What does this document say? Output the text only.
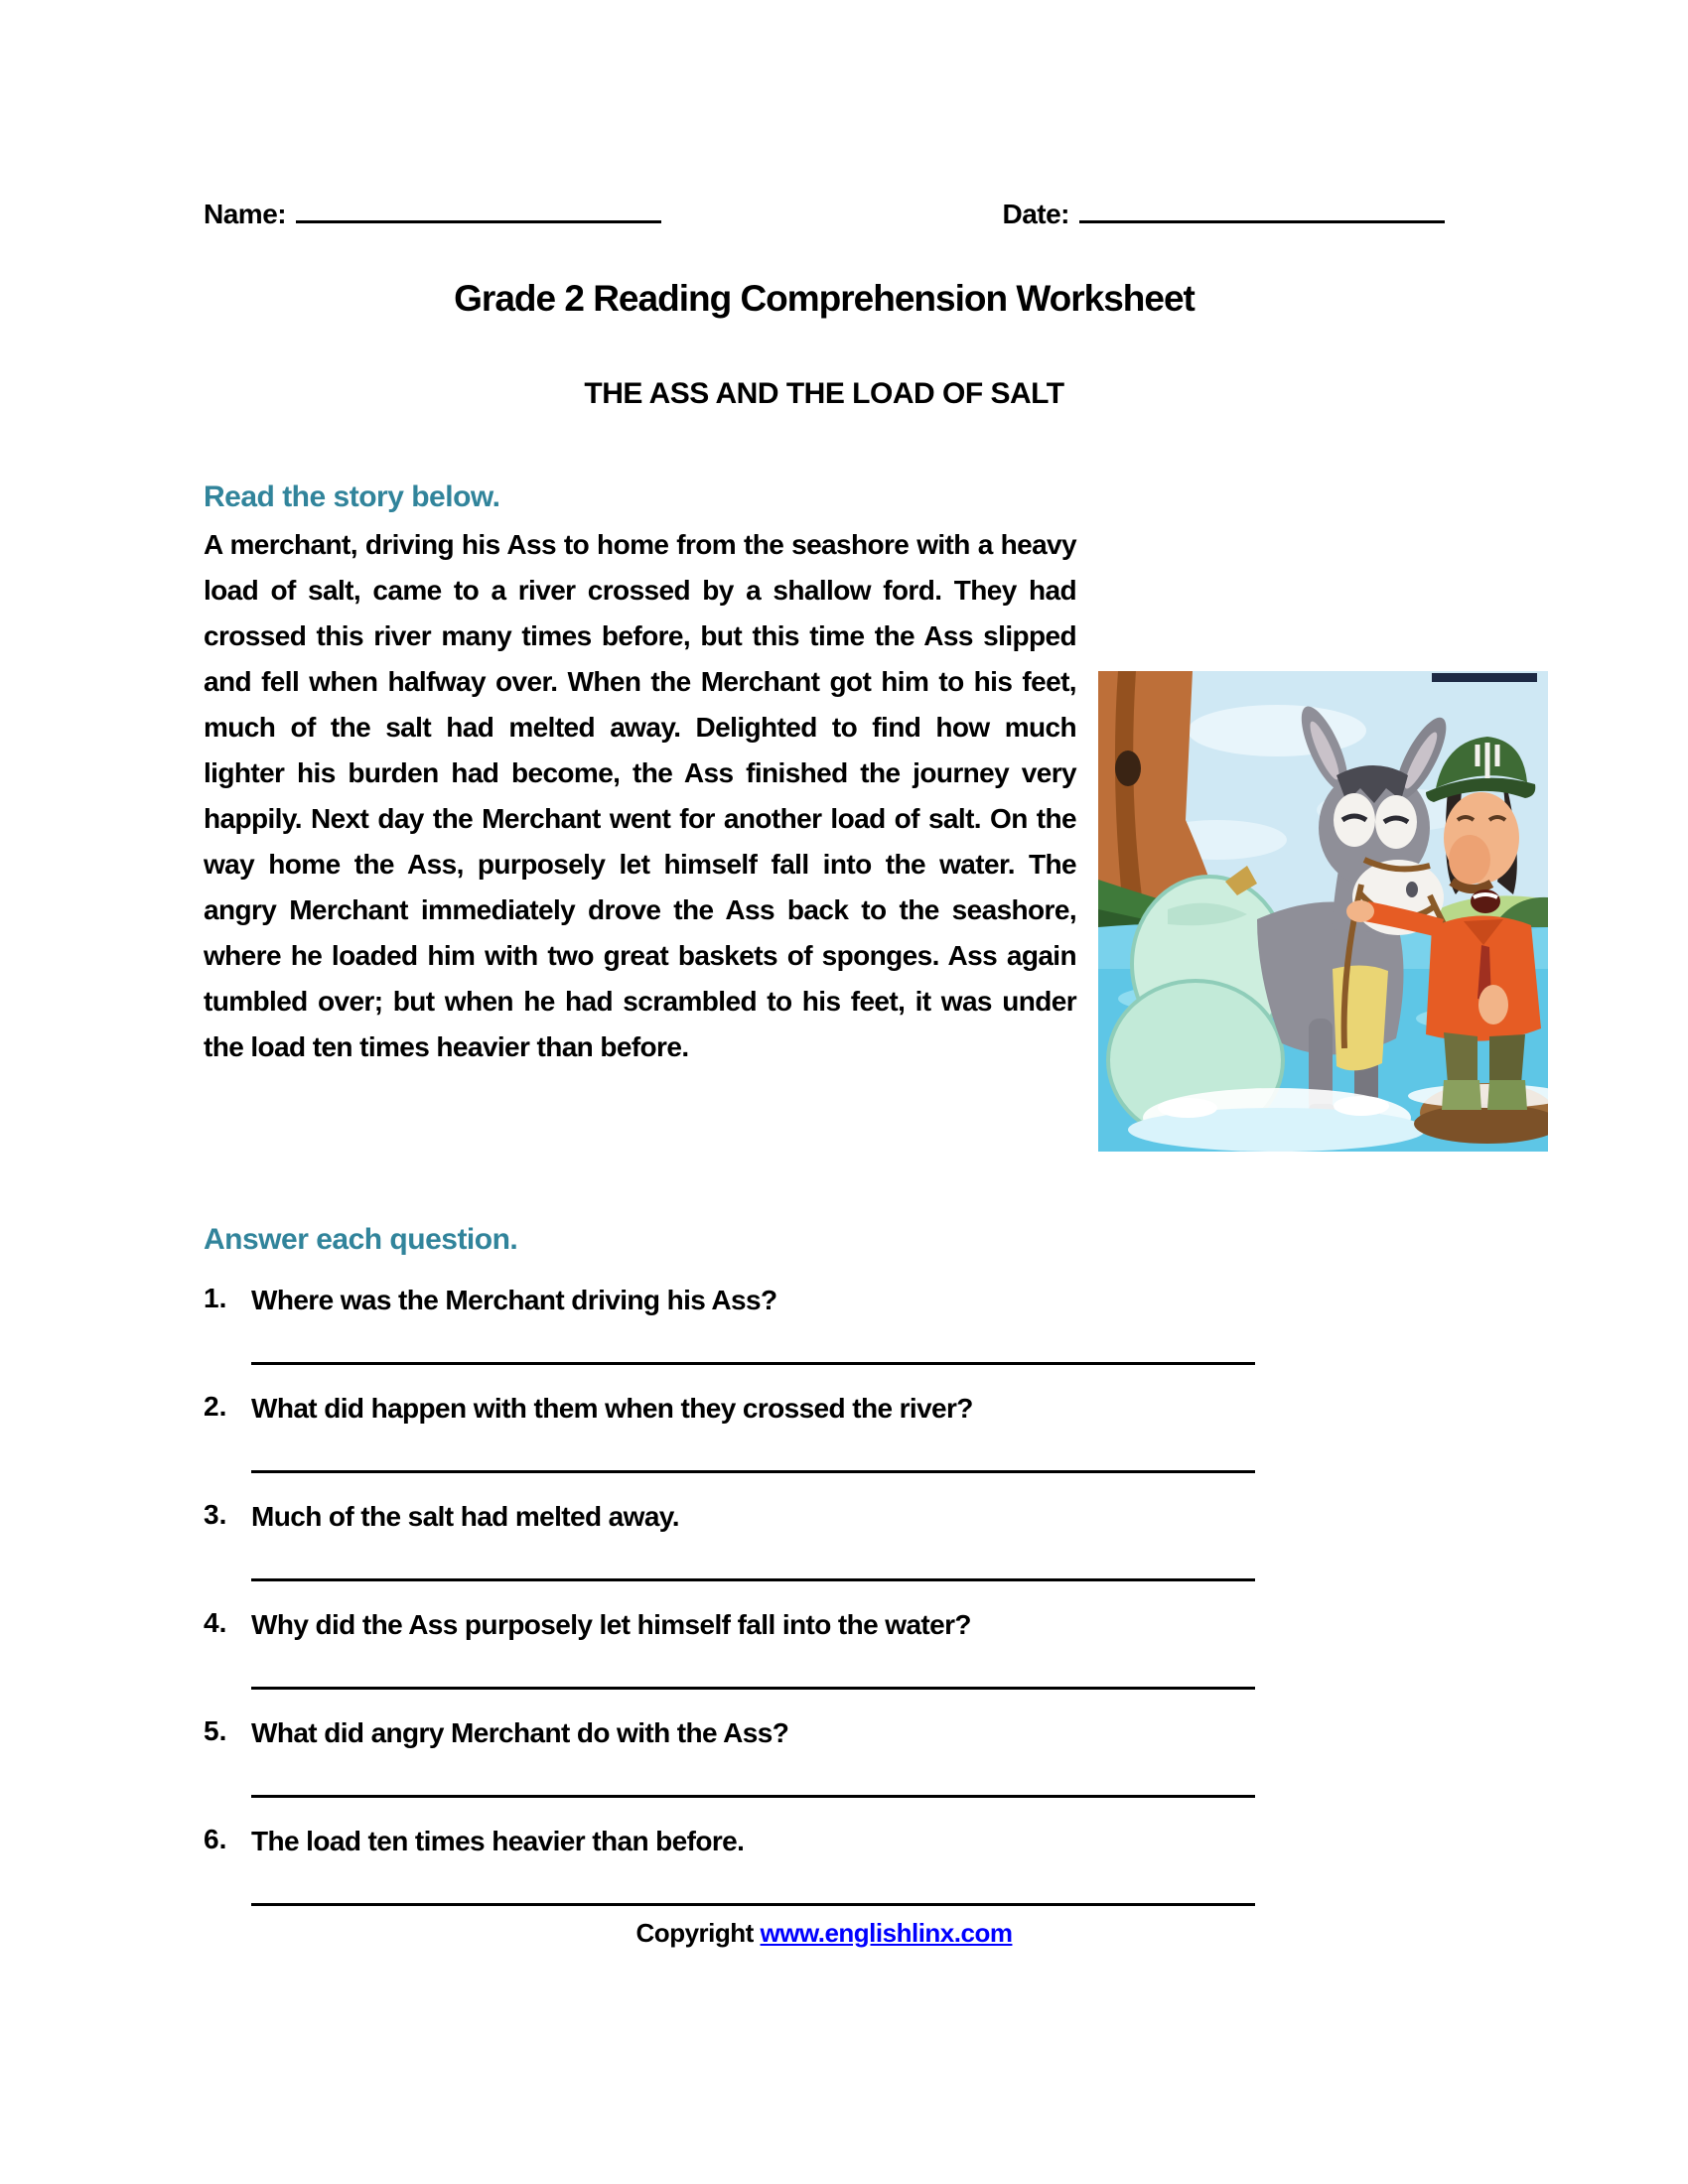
Name:	Date:
Grade 2 Reading Comprehension Worksheet
THE ASS AND THE LOAD OF SALT
Read the story below.
A merchant, driving his Ass to home from the seashore with a heavy load of salt, came to a river crossed by a shallow ford. They had crossed this river many times before, but this time the Ass slipped and fell when halfway over. When the Merchant got him to his feet, much of the salt had melted away. Delighted to find how much lighter his burden had become, the Ass finished the journey very happily. Next day the Merchant went for another load of salt. On the way home the Ass, purposely let himself fall into the water. The angry Merchant immediately drove the Ass back to the seashore, where he loaded him with two great baskets of sponges. Ass again tumbled over; but when he had scrambled to his feet, it was under the load ten times heavier than before.
Answer each question.
1. Where was the Merchant driving his Ass?
2. What did happen with them when they crossed the river?
3. Much of the salt had melted away.
4. Why did the Ass purposely let himself fall into the water?
5. What did angry Merchant do with the Ass?
6. The load ten times heavier than before.
Copyright www.englishlinx.com
